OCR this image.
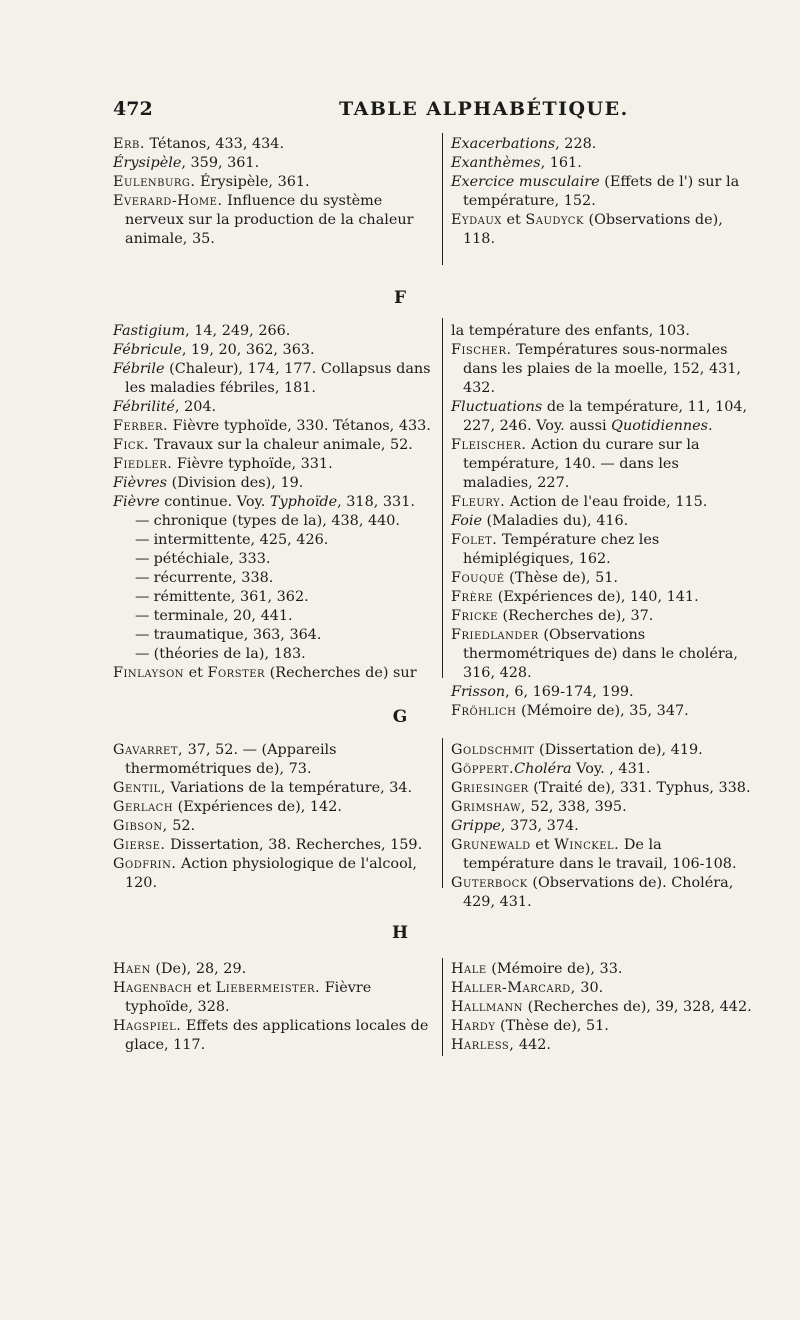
472	TABLE ALPHABÉTIQUE.

Erb. Tétanos, 433, 434.

Érysipèle, 359, 361.

Eulenburg. Érysipèle, 361.

Everard-Home. Influence du système nerveux sur la production de la chaleur animale, 35.

Exacerbations, 228.

Exanthèmes, 161.

Exercice musculaire (Effets de l') sur la température, 152.

Eydaux et Saudyck (Observations de), 118.

F

Fastigium, 14, 249, 266.

Fébricule, 19, 20, 362, 363.

Fébrile (Chaleur), 174, 177. Collapsus dans les maladies fébriles, 181.

Fébrilité, 204.

Ferber. Fièvre typhoïde, 330. Tétanos, 433.

Fick. Travaux sur la chaleur animale, 52.

Fiedler. Fièvre typhoïde, 331.

Fièvres (Division des), 19.

Fièvre continue. Voy. Typhoïde, 318, 331.

— chronique (types de la), 438, 440.

— intermittente, 425, 426.

— pétéchiale, 333.

— récurrente, 338.

— rémittente, 361, 362.

— terminale, 20, 441.

— traumatique, 363, 364.

— (théories de la), 183.

Finlayson et Forster (Recherches de) sur

la température des enfants, 103.

Fischer. Températures sous-normales dans les plaies de la moelle, 152, 431, 432.

Fluctuations de la température, 11, 104, 227, 246. Voy. aussi Quotidiennes.

Fleischer. Action du curare sur la température, 140. — dans les maladies, 227.

Fleury. Action de l'eau froide, 115.

Foie (Maladies du), 416.

Folet. Température chez les hémiplégiques, 162.

Fouqué (Thèse de), 51.

Frère (Expériences de), 140, 141.

Fricke (Recherches de), 37.

Friedlander (Observations thermométriques de) dans le choléra, 316, 428.

Frisson, 6, 169-174, 199.

Fröhlich (Mémoire de), 35, 347.

G

Gavarret, 37, 52. — (Appareils thermométriques de), 73.

Gentil, Variations de la température, 34.

Gerlach (Expériences de), 142.

Gibson, 52.

Gierse. Dissertation, 38. Recherches, 159.

Godfrin. Action physiologique de l'alcool, 120.

Goldschmit (Dissertation de), 419.

Göppert.Choléra Voy. , 431.

Griesinger (Traité de), 331. Typhus, 338.

Grimshaw, 52, 338, 395.

Grippe, 373, 374.

Grunewald et Winckel. De la température dans le travail, 106-108.

Guterbock (Observations de). Choléra, 429, 431.

H

Haen (De), 28, 29.

Hagenbach et Liebermeister. Fièvre typhoïde, 328.

Hagspiel. Effets des applications locales de glace, 117.

Hale (Mémoire de), 33.

Haller-Marcard, 30.

Hallmann (Recherches de), 39, 328, 442.

Hardy (Thèse de), 51.

Harless, 442.
